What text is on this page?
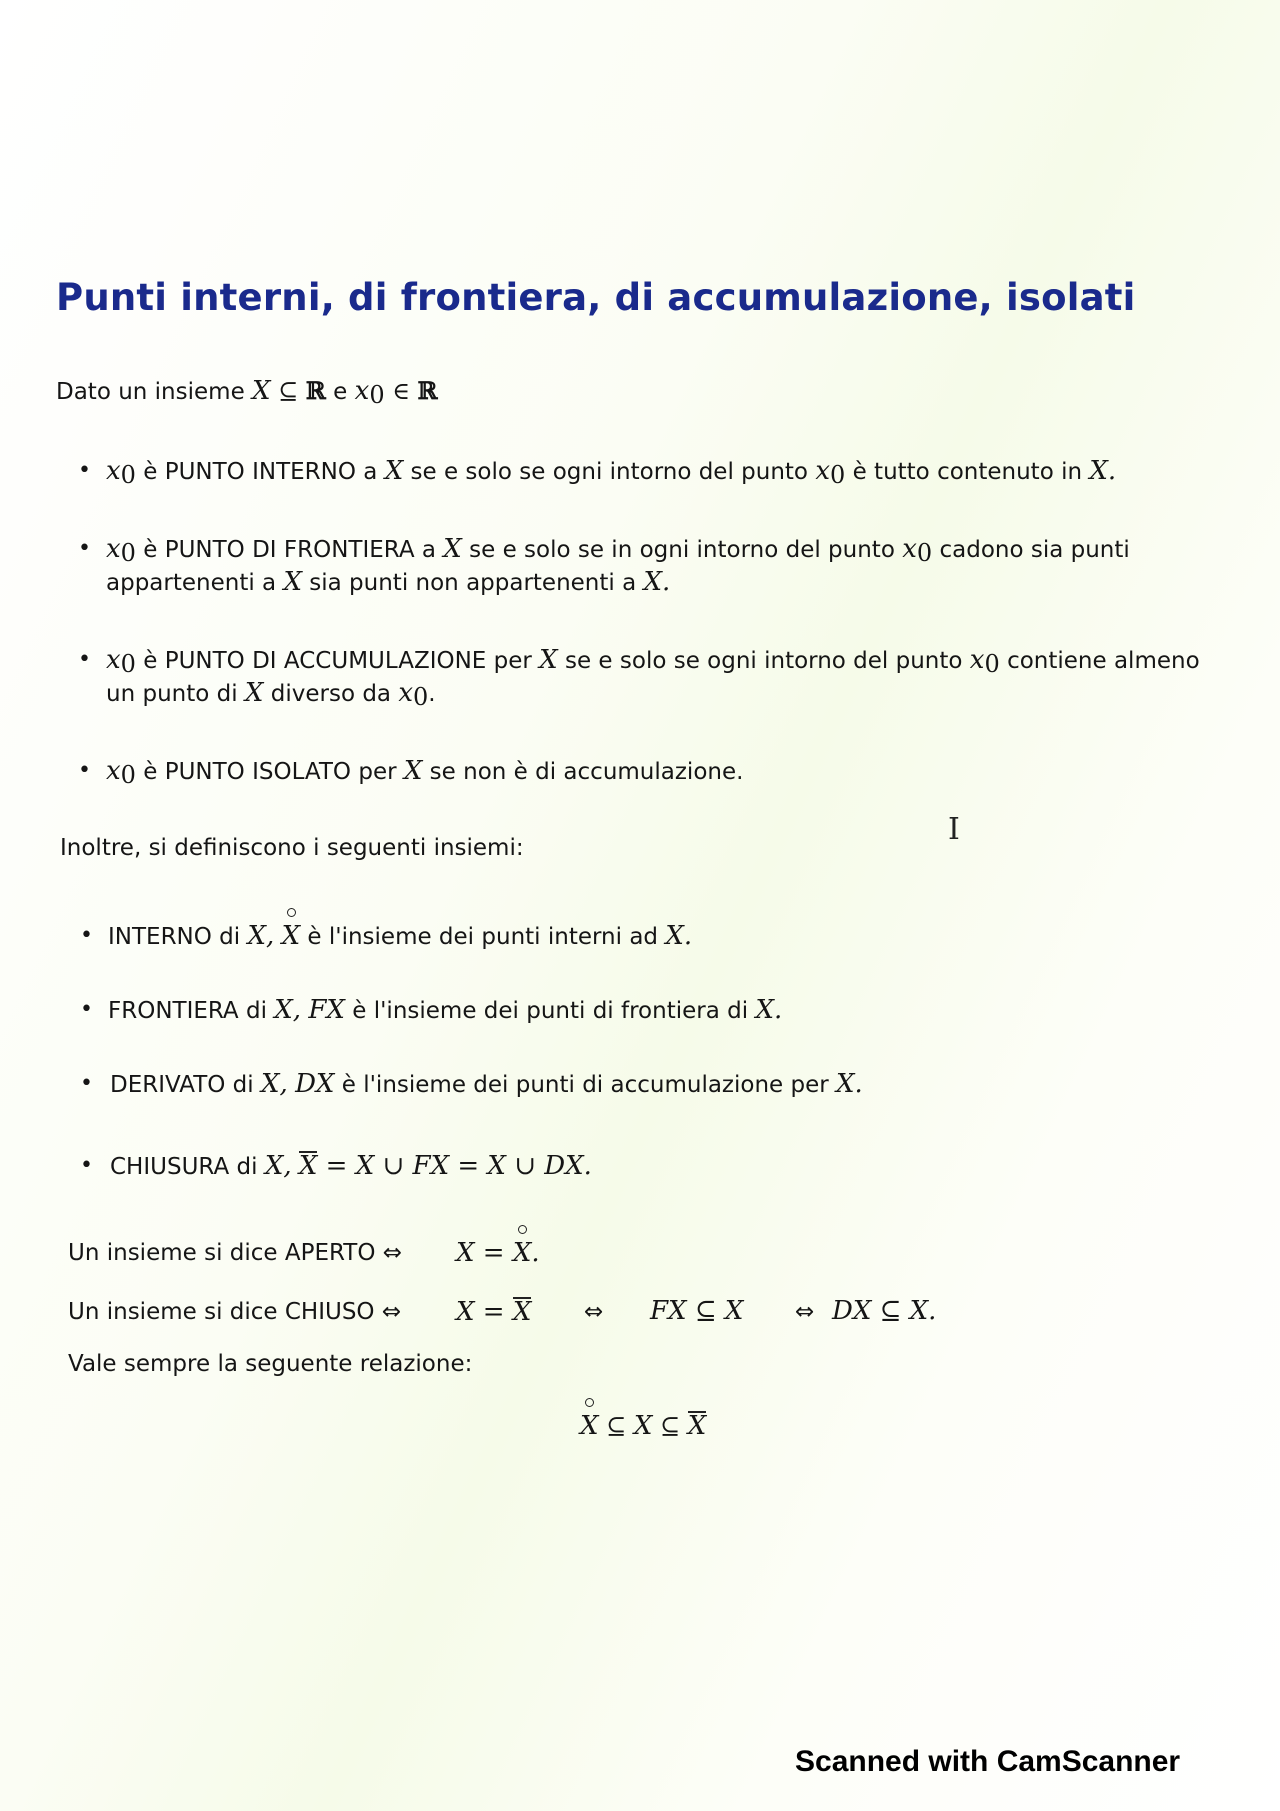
Punti interni, di frontiera, di accumulazione, isolati
Dato un insieme X ⊆ ℝ e $x_0$ ∈ ℝ
• $x_0$ è PUNTO INTERNO a X se e solo se ogni intorno del punto $x_0$ è tutto contenuto in X.
• $x_0$ è PUNTO DI FRONTIERA a X se e solo se in ogni intorno del punto $x_0$ cadono sia punti
appartenenti a X sia punti non appartenenti a X.
• $x_0$ è PUNTO DI ACCUMULAZIONE per X se e solo se ogni intorno del punto $x_0$ contiene almeno
un punto di X diverso da $x_0$.
• $x_0$ è PUNTO ISOLATO per X se non è di accumulazione.
I
Inoltre, si definiscono i seguenti insiemi:
• INTERNO di X, X è l'insieme dei punti interni ad X.
• FRONTIERA di X, FX è l'insieme dei punti di frontiera di X.
• DERIVATO di X, DX è l'insieme dei punti di accumulazione per X.
• CHIUSURA di X, X = X ∪ FX = X ∪ DX.
Un insieme si dice APERTO ⇔ X = X.
Un insieme si dice CHIUSO ⇔ X = X ⇔ FX ⊆ X ⇔ DX ⊆ X.
Vale sempre la seguente relazione:
X ⊆ X ⊆ X
Scanned with CamScanner
